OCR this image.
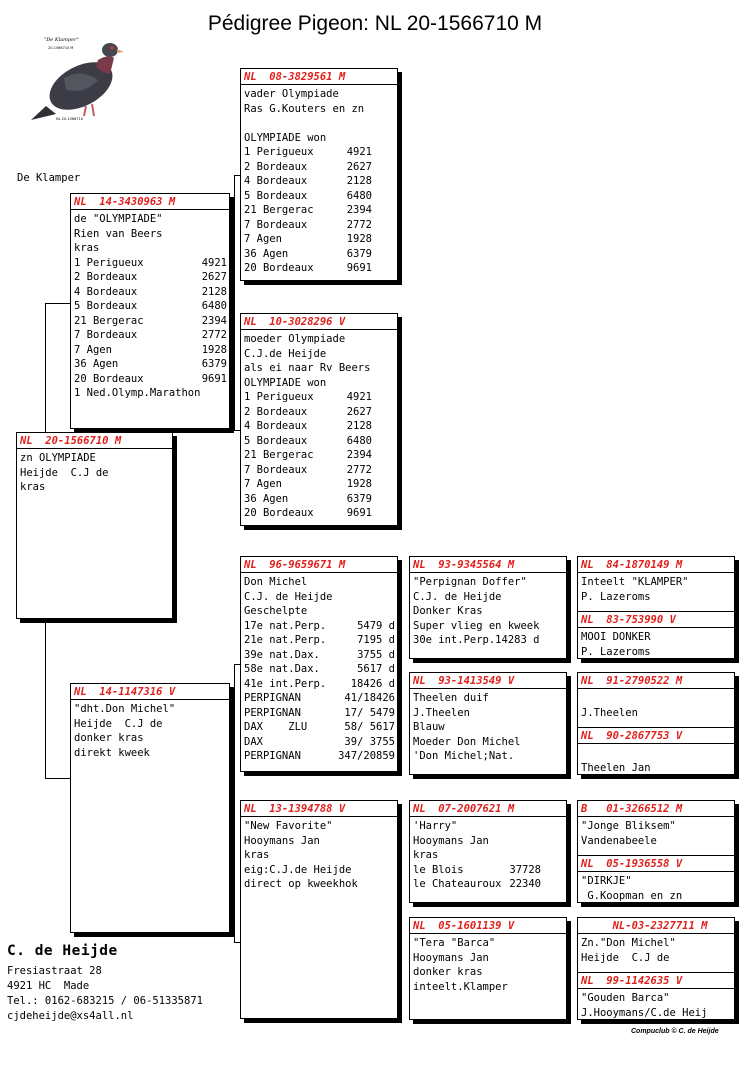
Pédigree Pigeon: NL 20-1566710 M
"De Klamper"
20-1566710 M
NL 20-1566710
De Klamper
NL  20-1566710 M
zn OLYMPIADE
Heijde  C.J de
kras
NL  14-3430963 M
de "OLYMPIADE"
Rien van Beers
kras
1 Perigueux	4921
2 Bordeaux	2627
4 Bordeaux	2128
5 Bordeaux	6480
21 Bergerac	2394
7 Bordeaux	2772
7 Agen	1928
36 Agen	6379
20 Bordeaux	9691
1 Ned.Olymp.Marathon
NL  14-1147316 V
"dht.Don Michel"
Heijde  C.J de
donker kras
direkt kweek
NL  08-3829561 M
vader Olympiade
Ras G.Kouters en zn
OLYMPIADE won
1 Perigueux	4921
2 Bordeaux	2627
4 Bordeaux	2128
5 Bordeaux	6480
21 Bergerac	2394
7 Bordeaux	2772
7 Agen	1928
36 Agen	6379
20 Bordeaux	9691
NL  10-3028296 V
moeder Olympiade
C.J.de Heijde
als ei naar Rv Beers
OLYMPIADE won
1 Perigueux	4921
2 Bordeaux	2627
4 Bordeaux	2128
5 Bordeaux	6480
21 Bergerac	2394
7 Bordeaux	2772
7 Agen	1928
36 Agen	6379
20 Bordeaux	9691
NL  96-9659671 M
Don Michel
C.J. de Heijde
Geschelpte
17e nat.Perp.	5479 d
21e nat.Perp.	7195 d
39e nat.Dax.	3755 d
58e nat.Dax.	5617 d
41e int.Perp.	18426 d
PERPIGNAN	41/18426
PERPIGNAN	17/ 5479
DAX    ZLU	58/ 5617
DAX	39/ 3755
PERPIGNAN	347/20859
NL  13-1394788 V
"New Favorite"
Hooymans Jan
kras
eig:C.J.de Heijde
direct op kweekhok
NL  93-9345564 M
"Perpignan Doffer"
C.J. de Heijde
Donker Kras
Super vlieg en kweek
30e int.Perp.14283 d
NL  93-1413549 V
Theelen duif
J.Theelen
Blauw
Moeder Don Michel
'Don Michel;Nat.
NL  07-2007621 M
'Harry"
Hooymans Jan
kras
le Blois	37728
le Chateauroux 22340
NL  05-1601139 V
"Tera "Barca"
Hooymans Jan
donker kras
inteelt.Klamper
NL  84-1870149 M
Inteelt "KLAMPER"
P. Lazeroms
NL  83-753990 V
MOOI DONKER
P. Lazeroms
NL  91-2790522 M
J.Theelen
NL  90-2867753 V
Theelen Jan
B   01-3266512 M
"Jonge Bliksem"
Vandenabeele
NL  05-1936558 V
"DIRKJE"
G.Koopman en zn
NL-03-2327711 M
Zn."Don Michel"
Heijde  C.J de
NL  99-1142635 V
"Gouden Barca"
J.Hooymans/C.de Heij
C. de Heijde
Fresiastraat 28
4921 HC  Made
Tel.: 0162-683215 / 06-51335871
cjdeheijde@xs4all.nl
Compuclub © C. de Heijde
